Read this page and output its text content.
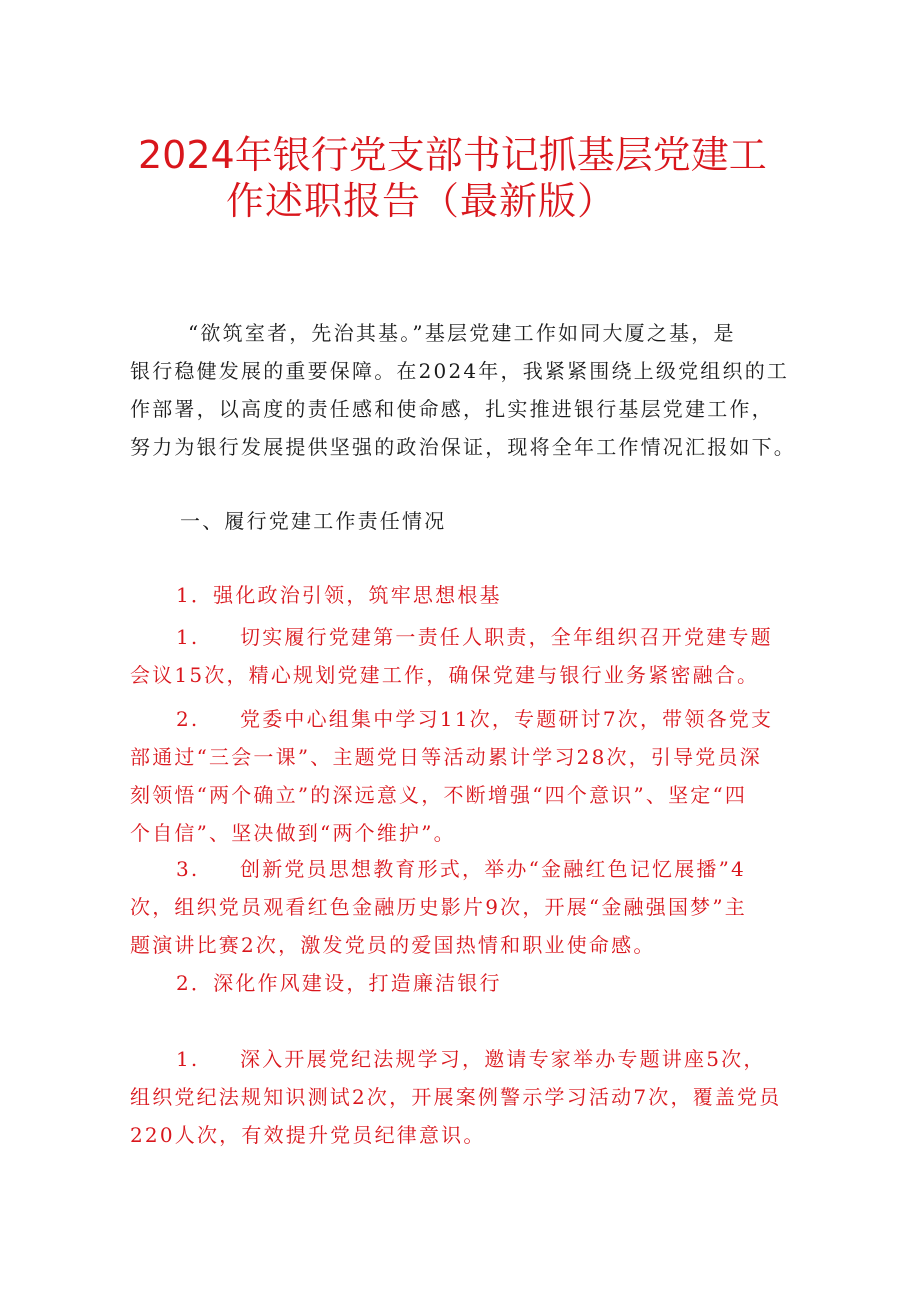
2024年银行党支部书记抓基层党建工
作述职报告（最新版）

“欲筑室者，先治其基。”基层党建工作如同大厦之基，是
银行稳健发展的重要保障。在2024年，我紧紧围绕上级党组织的工
作部署，以高度的责任感和使命感，扎实推进银行基层党建工作，
努力为银行发展提供坚强的政治保证，现将全年工作情况汇报如下。

一、履行党建工作责任情况

1．强化政治引领，筑牢思想根基

1. 切实履行党建第一责任人职责，全年组织召开党建专题
会议15次，精心规划党建工作，确保党建与银行业务紧密融合。

2. 党委中心组集中学习11次，专题研讨7次，带领各党支
部通过“三会一课”、主题党日等活动累计学习28次，引导党员深
刻领悟“两个确立”的深远意义，不断增强“四个意识”、坚定“四
个自信”、坚决做到“两个维护”。

3. 创新党员思想教育形式，举办“金融红色记忆展播”4
次，组织党员观看红色金融历史影片9次，开展“金融强国梦”主
题演讲比赛2次，激发党员的爱国热情和职业使命感。

2．深化作风建设，打造廉洁银行

1. 深入开展党纪法规学习，邀请专家举办专题讲座5次，
组织党纪法规知识测试2次，开展案例警示学习活动7次，覆盖党员
220人次，有效提升党员纪律意识。
